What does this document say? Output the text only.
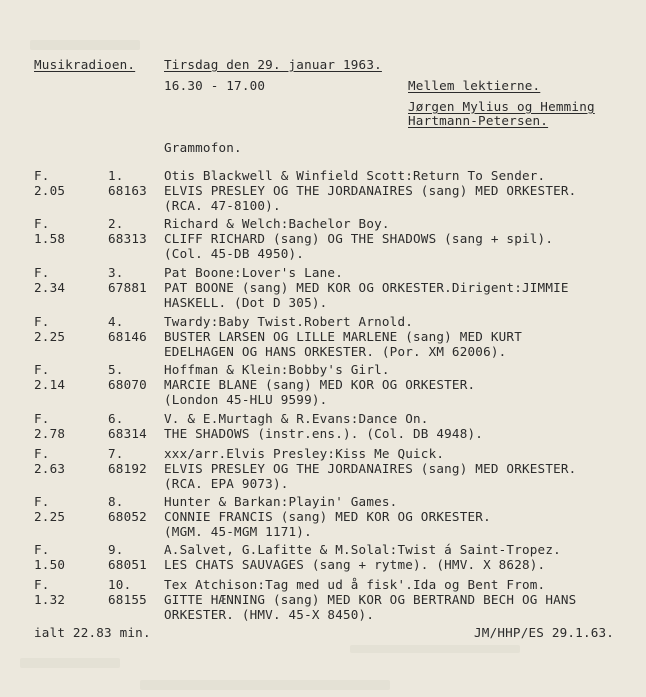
Musikradioen. Tirsdag den 29. januar 1963.
16.30 - 17.00	Mellem lektierne.
Jørgen Mylius og Hemming
Hartmann-Petersen.
Grammofon.
F.
2.05
1.
68163
Otis Blackwell & Winfield Scott:Return To Sender.
ELVIS PRESLEY OG THE JORDANAIRES (sang) MED ORKESTER.
(RCA. 47-8100).
F.
1.58
2.
68313
Richard & Welch:Bachelor Boy.
CLIFF RICHARD (sang) OG THE SHADOWS (sang + spil).
(Col. 45-DB 4950).
F.
2.34
3.
67881
Pat Boone:Lover's Lane.
PAT BOONE (sang) MED KOR OG ORKESTER.Dirigent:JIMMIE
HASKELL. (Dot D 305).
F.
2.25
4.
68146
Twardy:Baby Twist.Robert Arnold.
BUSTER LARSEN OG LILLE MARLENE (sang) MED KURT
EDELHAGEN OG HANS ORKESTER. (Por. XM 62006).
F.
2.14
5.
68070
Hoffman & Klein:Bobby's Girl.
MARCIE BLANE (sang) MED KOR OG ORKESTER.
(London 45-HLU 9599).
F.
2.78
6.
68314
V. & E.Murtagh & R.Evans:Dance On.
THE SHADOWS (instr.ens.). (Col. DB 4948).
F.
2.63
7.
68192
xxx/arr.Elvis Presley:Kiss Me Quick.
ELVIS PRESLEY OG THE JORDANAIRES (sang) MED ORKESTER.
(RCA. EPA 9073).
F.
2.25
8.
68052
Hunter & Barkan:Playin' Games.
CONNIE FRANCIS (sang) MED KOR OG ORKESTER.
(MGM. 45-MGM 1171).
F.
1.50
9.
68051
A.Salvet, G.Lafitte & M.Solal:Twist á Saint-Tropez.
LES CHATS SAUVAGES (sang + rytme). (HMV. X 8628).
F.
1.32
10.
68155
Tex Atchison:Tag med ud å fisk'.Ida og Bent From.
GITTE HÆNNING (sang) MED KOR OG BERTRAND BECH OG HANS
ORKESTER. (HMV. 45-X 8450).
ialt 22.83 min.	JM/HHP/ES 29.1.63.
